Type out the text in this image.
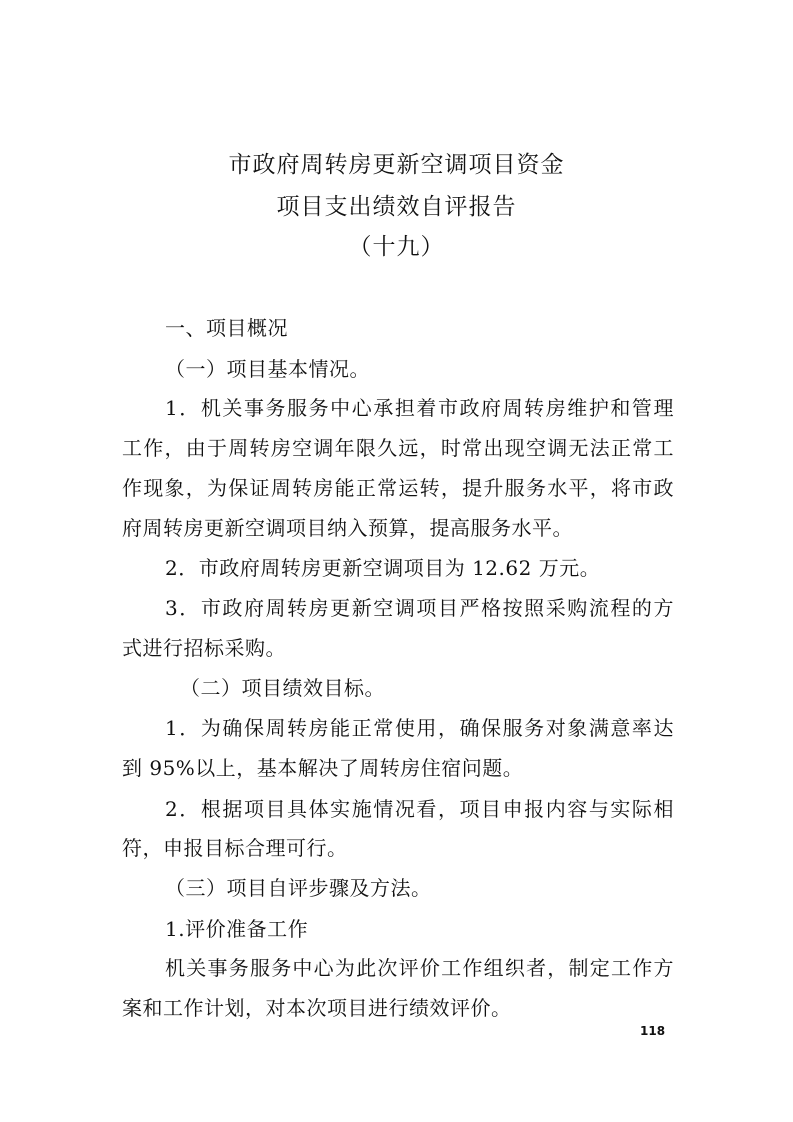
市政府周转房更新空调项目资金
项目支出绩效自评报告
（十九）
一、项目概况
（一）项目基本情况。
1．机关事务服务中心承担着市政府周转房维护和管理
工作，由于周转房空调年限久远，时常出现空调无法正常工
作现象，为保证周转房能正常运转，提升服务水平，将市政
府周转房更新空调项目纳入预算，提高服务水平。
2．市政府周转房更新空调项目为 12.62 万元。
3．市政府周转房更新空调项目严格按照采购流程的方
式进行招标采购。
（二）项目绩效目标。
1．为确保周转房能正常使用，确保服务对象满意率达
到 95%以上，基本解决了周转房住宿问题。
2．根据项目具体实施情况看，项目申报内容与实际相
符，申报目标合理可行。
（三）项目自评步骤及方法。
1.评价准备工作
机关事务服务中心为此次评价工作组织者，制定工作方
案和工作计划，对本次项目进行绩效评价。
118
